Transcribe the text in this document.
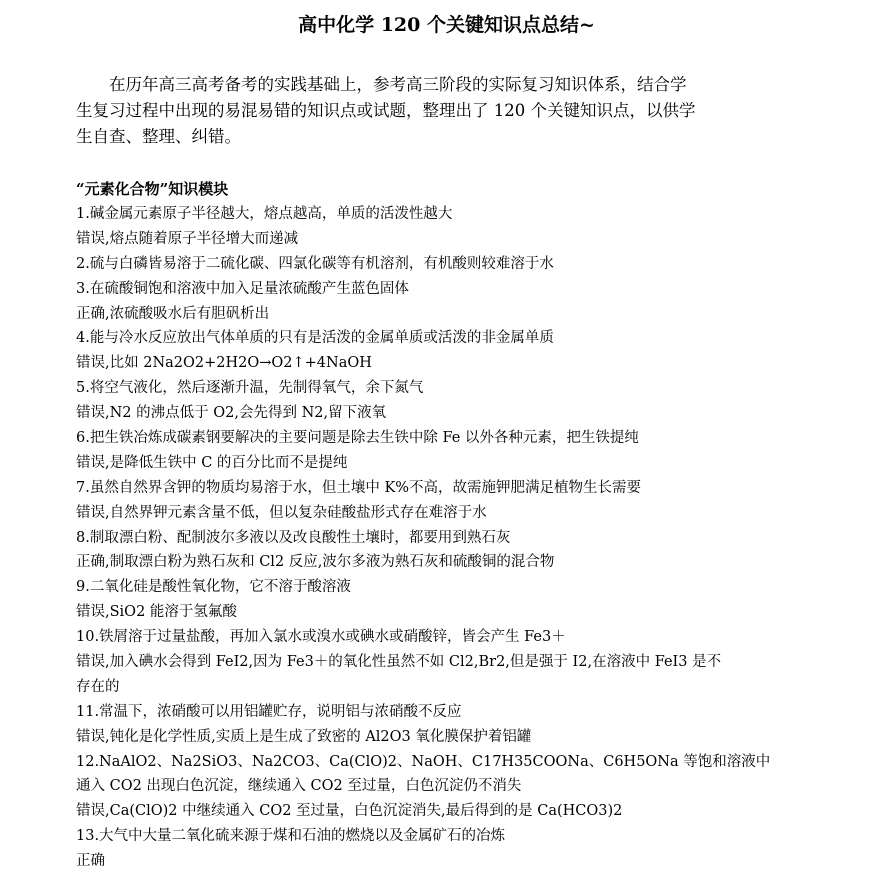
高中化学 120 个关键知识点总结~

在历年高三高考备考的实践基础上，参考高三阶段的实际复习知识体系，结合学

生复习过程中出现的易混易错的知识点或试题，整理出了 120 个关键知识点，以供学

生自查、整理、纠错。

“元素化合物”知识模块
1.碱金属元素原子半径越大，熔点越高，单质的活泼性越大
错误,熔点随着原子半径增大而递减
2.硫与白磷皆易溶于二硫化碳、四氯化碳等有机溶剂，有机酸则较难溶于水
3.在硫酸铜饱和溶液中加入足量浓硫酸产生蓝色固体
正确,浓硫酸吸水后有胆矾析出
4.能与冷水反应放出气体单质的只有是活泼的金属单质或活泼的非金属单质
错误,比如 2Na2O2+2H2O→O2↑+4NaOH
5.将空气液化，然后逐渐升温，先制得氧气，余下氮气
错误,N2 的沸点低于 O2,会先得到 N2,留下液氧
6.把生铁冶炼成碳素钢要解决的主要问题是除去生铁中除 Fe 以外各种元素，把生铁提纯
错误,是降低生铁中 C 的百分比而不是提纯
7.虽然自然界含钾的物质均易溶于水，但土壤中 K%不高，故需施钾肥满足植物生长需要
错误,自然界钾元素含量不低，但以复杂硅酸盐形式存在难溶于水
8.制取漂白粉、配制波尔多液以及改良酸性土壤时，都要用到熟石灰
正确,制取漂白粉为熟石灰和 Cl2 反应,波尔多液为熟石灰和硫酸铜的混合物
9.二氧化硅是酸性氧化物，它不溶于酸溶液
错误,SiO2 能溶于氢氟酸
10.铁屑溶于过量盐酸，再加入氯水或溴水或碘水或硝酸锌，皆会产生 Fe3＋
错误,加入碘水会得到 FeI2,因为 Fe3＋的氧化性虽然不如 Cl2,Br2,但是强于 I2,在溶液中 FeI3 是不
存在的
11.常温下，浓硝酸可以用铝罐贮存，说明铝与浓硝酸不反应
错误,钝化是化学性质,实质上是生成了致密的 Al2O3 氧化膜保护着铝罐
12.NaAlO2、Na2SiO3、Na2CO3、Ca(ClO)2、NaOH、C17H35COONa、C6H5ONa 等饱和溶液中
通入 CO2 出现白色沉淀，继续通入 CO2 至过量，白色沉淀仍不消失
错误,Ca(ClO)2 中继续通入 CO2 至过量，白色沉淀消失,最后得到的是 Ca(HCO3)2
13.大气中大量二氧化硫来源于煤和石油的燃烧以及金属矿石的冶炼
正确
